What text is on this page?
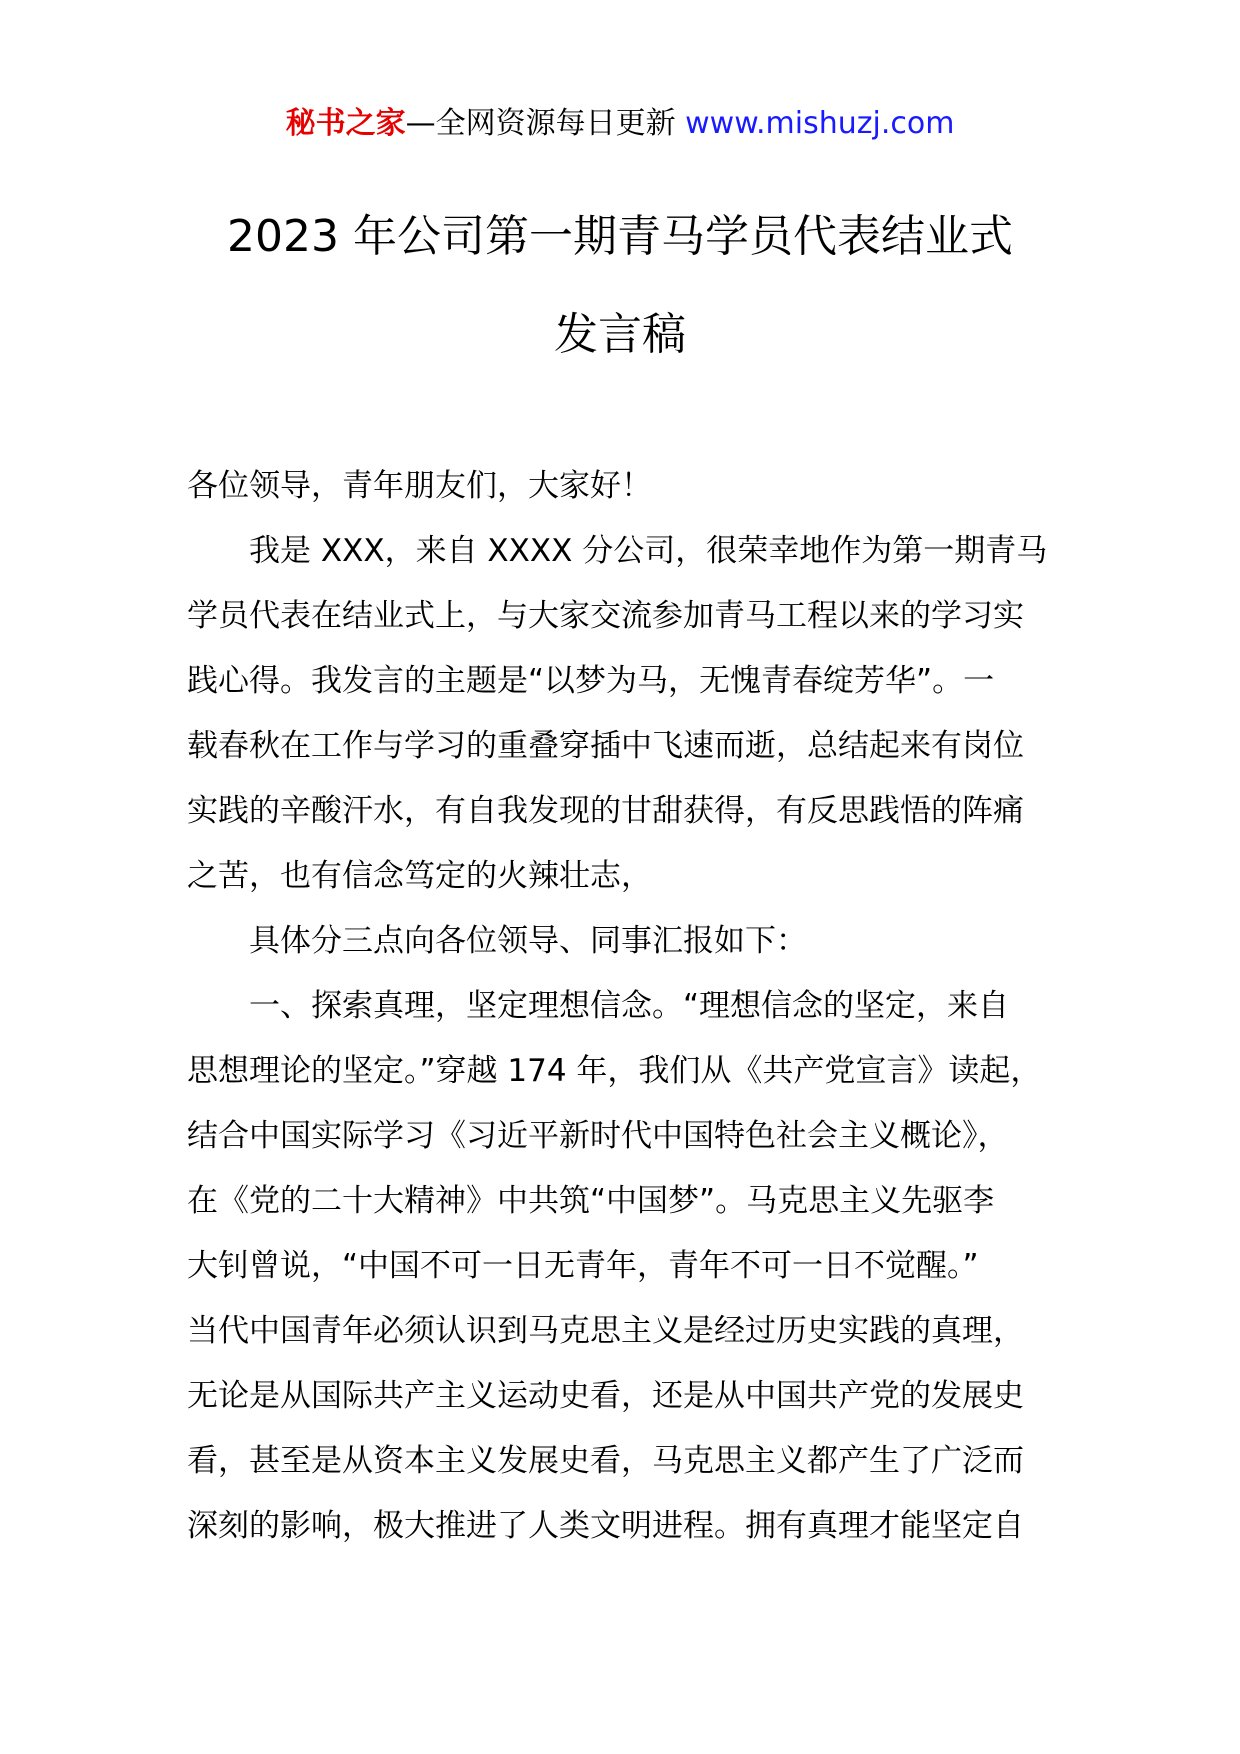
秘书之家—全网资源每日更新 www.mishuzj.com
2023 年公司第一期青马学员代表结业式
发言稿
各位领导，青年朋友们，大家好！
我是 XXX，来自 XXXX 分公司，很荣幸地作为第一期青马
学员代表在结业式上，与大家交流参加青马工程以来的学习实
践心得。我发言的主题是“以梦为马，无愧青春绽芳华”。一
载春秋在工作与学习的重叠穿插中飞速而逝，总结起来有岗位
实践的辛酸汗水，有自我发现的甘甜获得，有反思践悟的阵痛
之苦，也有信念笃定的火辣壮志，
具体分三点向各位领导、同事汇报如下：
一、探索真理，坚定理想信念。“理想信念的坚定，来自
思想理论的坚定。”穿越 174 年，我们从《共产党宣言》读起，
结合中国实际学习《习近平新时代中国特色社会主义概论》，
在《党的二十大精神》中共筑“中国梦”。马克思主义先驱李
大钊曾说，“中国不可一日无青年，青年不可一日不觉醒。”
当代中国青年必须认识到马克思主义是经过历史实践的真理，
无论是从国际共产主义运动史看，还是从中国共产党的发展史
看，甚至是从资本主义发展史看，马克思主义都产生了广泛而
深刻的影响，极大推进了人类文明进程。拥有真理才能坚定自
